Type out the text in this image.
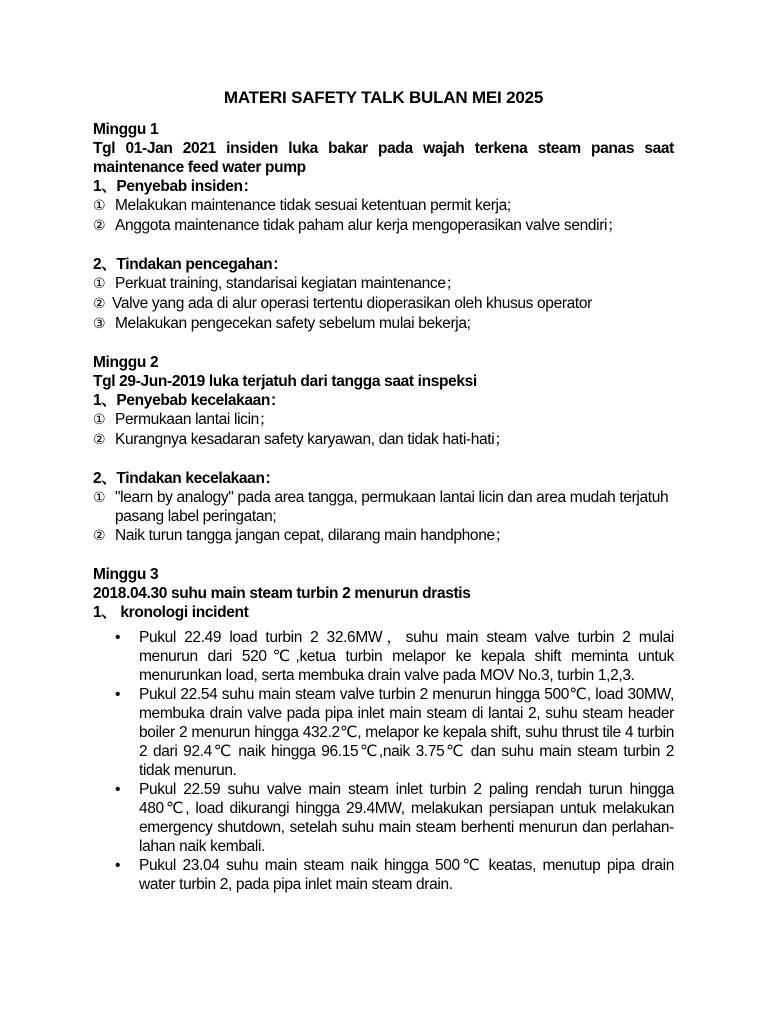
MATERI SAFETY TALK BULAN MEI 2025

Minggu 1

Tgl 01-Jan 2021 insiden luka bakar pada wajah terkena steam panas saat maintenance feed water pump

1、Penyebab insiden：

① Melakukan maintenance tidak sesuai ketentuan permit kerja;
② Anggota maintenance tidak paham alur kerja mengoperasikan valve sendiri；

2、Tindakan pencegahan：

① Perkuat training, standarisai kegiatan maintenance；
② Valve yang ada di alur operasi tertentu dioperasikan oleh khusus operator
③ Melakukan pengecekan safety sebelum mulai bekerja;

Minggu 2

Tgl 29-Jun-2019 luka terjatuh dari tangga saat inspeksi

1、Penyebab kecelakaan：

① Permukaan lantai licin；
② Kurangnya kesadaran safety karyawan, dan tidak hati-hati；

2、Tindakan kecelakaan：

① "learn by analogy" pada area tangga, permukaan lantai licin dan area mudah terjatuh pasang label peringatan;
② Naik turun tangga jangan cepat, dilarang main handphone；

Minggu 3

2018.04.30 suhu main steam turbin 2 menurun drastis

1、 kronologi incident

• Pukul 22.49 load turbin 2 32.6MW，suhu main steam valve turbin 2 mulai menurun dari 520℃,ketua turbin melapor ke kepala shift meminta untuk menurunkan load, serta membuka drain valve pada MOV No.3, turbin 1,2,3.
• Pukul 22.54 suhu main steam valve turbin 2 menurun hingga 500℃, load 30MW, membuka drain valve pada pipa inlet main steam di lantai 2, suhu steam header boiler 2 menurun hingga 432.2℃, melapor ke kepala shift, suhu thrust tile 4 turbin 2 dari 92.4℃ naik hingga 96.15℃,naik 3.75℃ dan suhu main steam turbin 2 tidak menurun.
• Pukul 22.59 suhu valve main steam inlet turbin 2 paling rendah turun hingga 480℃, load dikurangi hingga 29.4MW, melakukan persiapan untuk melakukan emergency shutdown, setelah suhu main steam berhenti menurun dan perlahan-lahan naik kembali.
• Pukul 23.04 suhu main steam naik hingga 500℃ keatas, menutup pipa drain water turbin 2, pada pipa inlet main steam drain.
